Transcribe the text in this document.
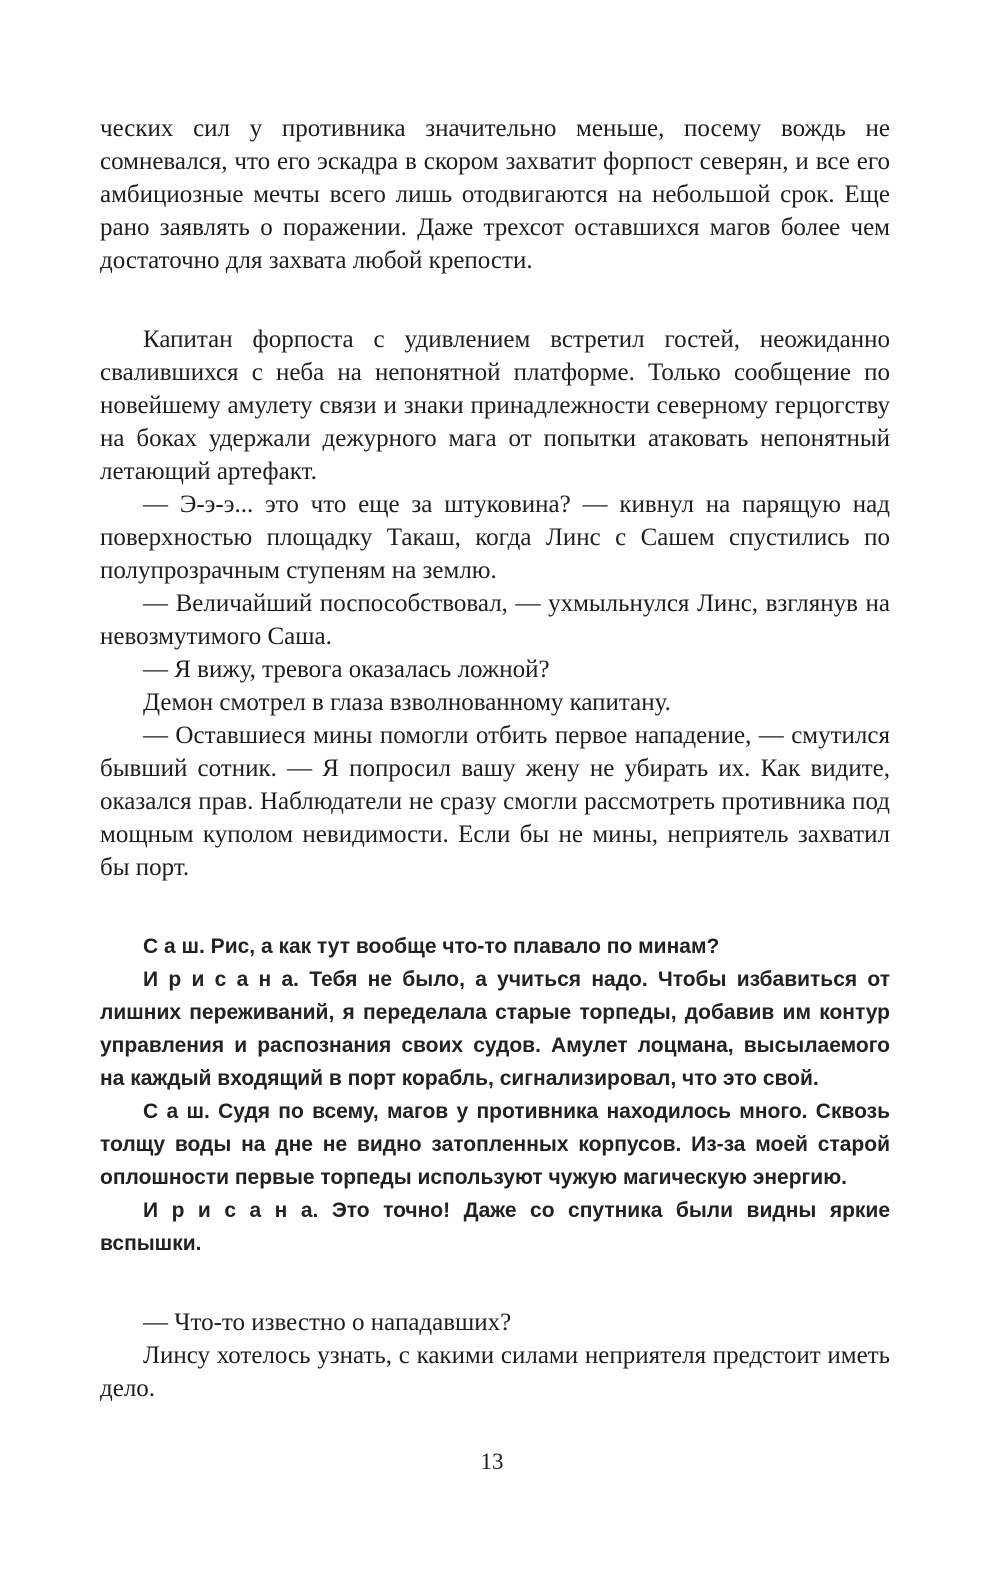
ческих сил у противника значительно меньше, посему вождь не сомневался, что его эскадра в скором захватит форпост северян, и все его амбициозные мечты всего лишь отодвигаются на небольшой срок. Еще рано заявлять о поражении. Даже трехсот оставшихся магов более чем достаточно для захвата любой крепости.

Капитан форпоста с удивлением встретил гостей, неожиданно свалившихся с неба на непонятной платформе. Только сообщение по новейшему амулету связи и знаки принадлежности северному герцогству на боках удержали дежурного мага от попытки атаковать непонятный летающий артефакт.

— Э-э-э... это что еще за штуковина? — кивнул на парящую над поверхностью площадку Такаш, когда Линс с Сашем спустились по полупрозрачным ступеням на землю.

— Величайший поспособствовал, — ухмыльнулся Линс, взглянув на невозмутимого Саша.

— Я вижу, тревога оказалась ложной?

Демон смотрел в глаза взволнованному капитану.

— Оставшиеся мины помогли отбить первое нападение, — смутился бывший сотник. — Я попросил вашу жену не убирать их. Как видите, оказался прав. Наблюдатели не сразу смогли рассмотреть противника под мощным куполом невидимости. Если бы не мины, неприятель захватил бы порт.

С а ш. Рис, а как тут вообще что-то плавало по минам?

И р и с а н а. Тебя не было, а учиться надо. Чтобы избавиться от лишних переживаний, я переделала старые торпеды, добавив им контур управления и распознания своих судов. Амулет лоцмана, высылаемого на каждый входящий в порт корабль, сигнализировал, что это свой.

С а ш. Судя по всему, магов у противника находилось много. Сквозь толщу воды на дне не видно затопленных корпусов. Из-за моей старой оплошности первые торпеды используют чужую магическую энергию.

И р и с а н а. Это точно! Даже со спутника были видны яркие вспышки.

— Что-то известно о нападавших?

Линсу хотелось узнать, с какими силами неприятеля предстоит иметь дело.

13
